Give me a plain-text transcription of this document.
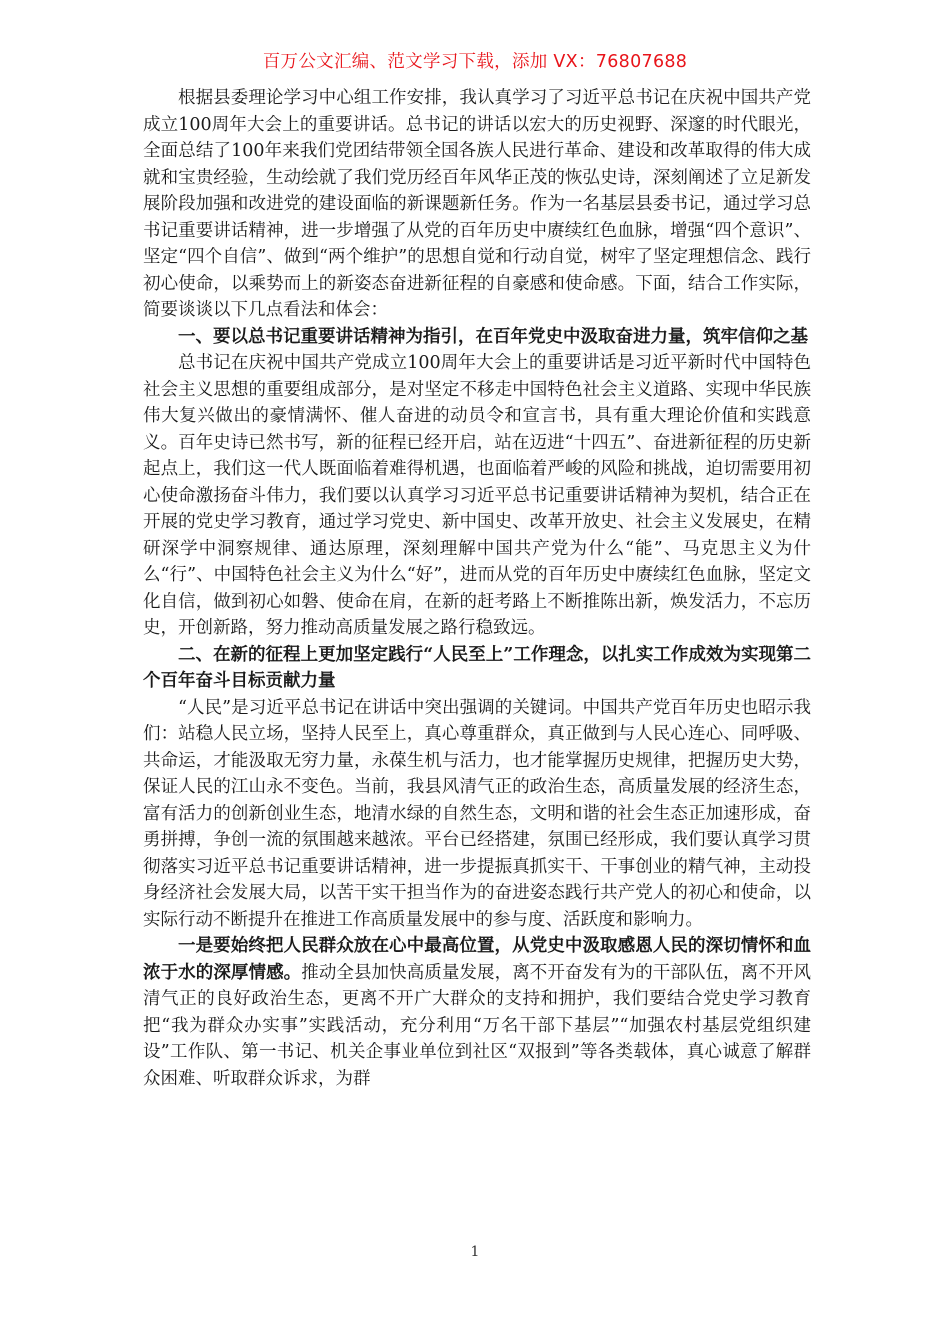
百万公文汇编、范文学习下载，添加 VX：76807688

根据县委理论学习中心组工作安排，我认真学习了习近平总书记在庆祝中国共产党成立100周年大会上的重要讲话。总书记的讲话以宏大的历史视野、深邃的时代眼光，全面总结了100年来我们党团结带领全国各族人民进行革命、建设和改革取得的伟大成就和宝贵经验，生动绘就了我们党历经百年风华正茂的恢弘史诗，深刻阐述了立足新发展阶段加强和改进党的建设面临的新课题新任务。作为一名基层县委书记，通过学习总书记重要讲话精神，进一步增强了从党的百年历史中赓续红色血脉，增强“四个意识”、坚定“四个自信”、做到“两个维护”的思想自觉和行动自觉，树牢了坚定理想信念、践行初心使命，以乘势而上的新姿态奋进新征程的自豪感和使命感。下面，结合工作实际，简要谈谈以下几点看法和体会：

一、要以总书记重要讲话精神为指引，在百年党史中汲取奋进力量，筑牢信仰之基

总书记在庆祝中国共产党成立100周年大会上的重要讲话是习近平新时代中国特色社会主义思想的重要组成部分，是对坚定不移走中国特色社会主义道路、实现中华民族伟大复兴做出的豪情满怀、催人奋进的动员令和宣言书，具有重大理论价值和实践意义。百年史诗已然书写，新的征程已经开启，站在迈进“十四五”、奋进新征程的历史新起点上，我们这一代人既面临着难得机遇，也面临着严峻的风险和挑战，迫切需要用初心使命激扬奋斗伟力，我们要以认真学习习近平总书记重要讲话精神为契机，结合正在开展的党史学习教育，通过学习党史、新中国史、改革开放史、社会主义发展史，在精研深学中洞察规律、通达原理，深刻理解中国共产党为什么“能”、马克思主义为什么“行”、中国特色社会主义为什么“好”，进而从党的百年历史中赓续红色血脉，坚定文化自信，做到初心如磐、使命在肩，在新的赶考路上不断推陈出新，焕发活力，不忘历史，开创新路，努力推动高质量发展之路行稳致远。

二、在新的征程上更加坚定践行“人民至上”工作理念，以扎实工作成效为实现第二个百年奋斗目标贡献力量

“人民”是习近平总书记在讲话中突出强调的关键词。中国共产党百年历史也昭示我们：站稳人民立场，坚持人民至上，真心尊重群众，真正做到与人民心连心、同呼吸、共命运，才能汲取无穷力量，永葆生机与活力，也才能掌握历史规律，把握历史大势，保证人民的江山永不变色。当前，我县风清气正的政治生态，高质量发展的经济生态，富有活力的创新创业生态，地清水绿的自然生态，文明和谐的社会生态正加速形成，奋勇拼搏，争创一流的氛围越来越浓。平台已经搭建，氛围已经形成，我们要认真学习贯彻落实习近平总书记重要讲话精神，进一步提振真抓实干、干事创业的精气神，主动投身经济社会发展大局，以苦干实干担当作为的奋进姿态践行共产党人的初心和使命，以实际行动不断提升在推进工作高质量发展中的参与度、活跃度和影响力。

一是要始终把人民群众放在心中最高位置，从党史中汲取感恩人民的深切情怀和血浓于水的深厚情感。推动全县加快高质量发展，离不开奋发有为的干部队伍，离不开风清气正的良好政治生态，更离不开广大群众的支持和拥护，我们要结合党史学习教育把“我为群众办实事”实践活动，充分利用“万名干部下基层”“加强农村基层党组织建设”工作队、第一书记、机关企事业单位到社区“双报到”等各类载体，真心诚意了解群众困难、听取群众诉求，为群

1
